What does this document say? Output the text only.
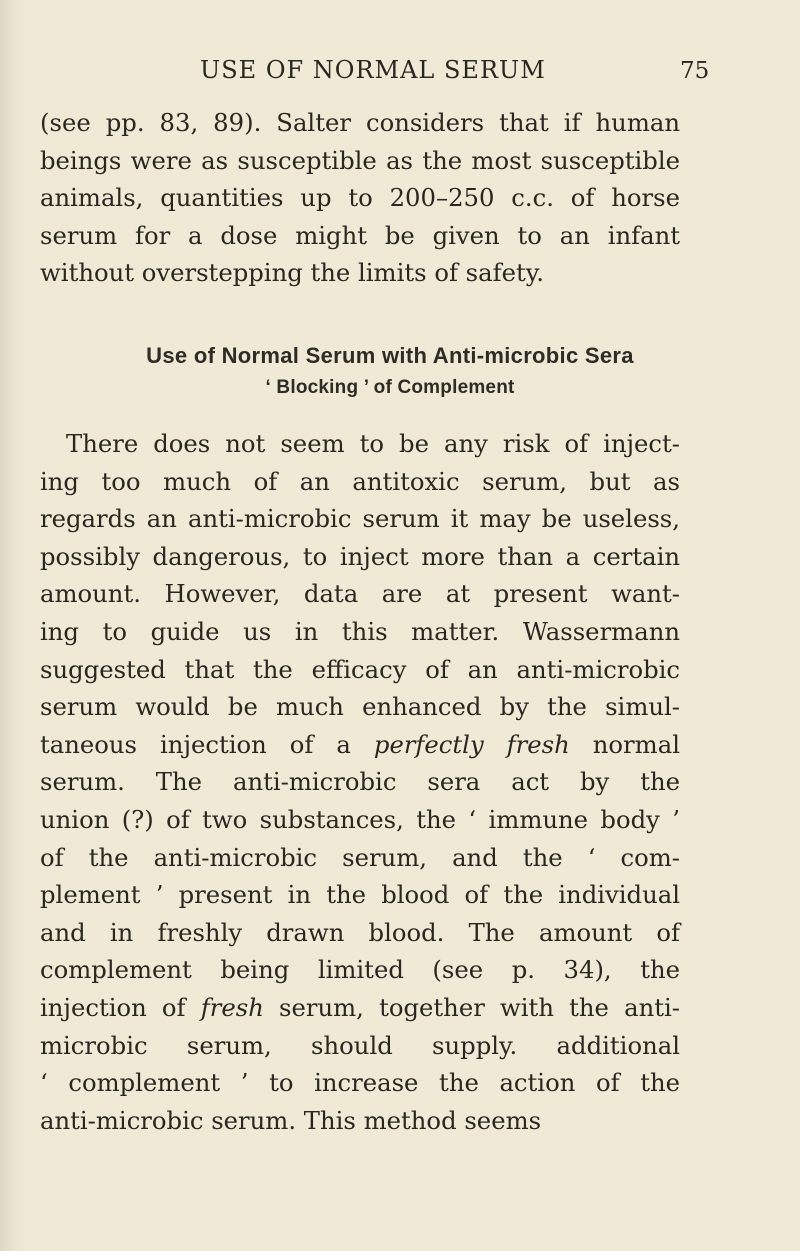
USE OF NORMAL SERUM	75
(see pp. 83, 89). Salter considers that if human
beings were as susceptible as the most susceptible
animals, quantities up to 200–250 c.c. of horse
serum for a dose might be given to an infant
without overstepping the limits of safety.
Use of Normal Serum with Anti-microbic Sera
‘ Blocking ’ of Complement
There does not seem to be any risk of inject-
ing too much of an antitoxic serum, but as
regards an anti-microbic serum it may be useless,
possibly dangerous, to inject more than a certain
amount. However, data are at present want-
ing to guide us in this matter. Wassermann
suggested that the efficacy of an anti-microbic
serum would be much enhanced by the simul-
taneous injection of a perfectly fresh normal
serum. The anti-microbic sera act by the
union (?) of two substances, the ‘ immune body ’
of the anti-microbic serum, and the ‘ com-
plement ’ present in the blood of the individual
and in freshly drawn blood. The amount of
complement being limited (see p. 34), the
injection of fresh serum, together with the anti-
microbic serum, should supply. additional
‘ complement ’ to increase the action of the
anti-microbic serum. This method seems
